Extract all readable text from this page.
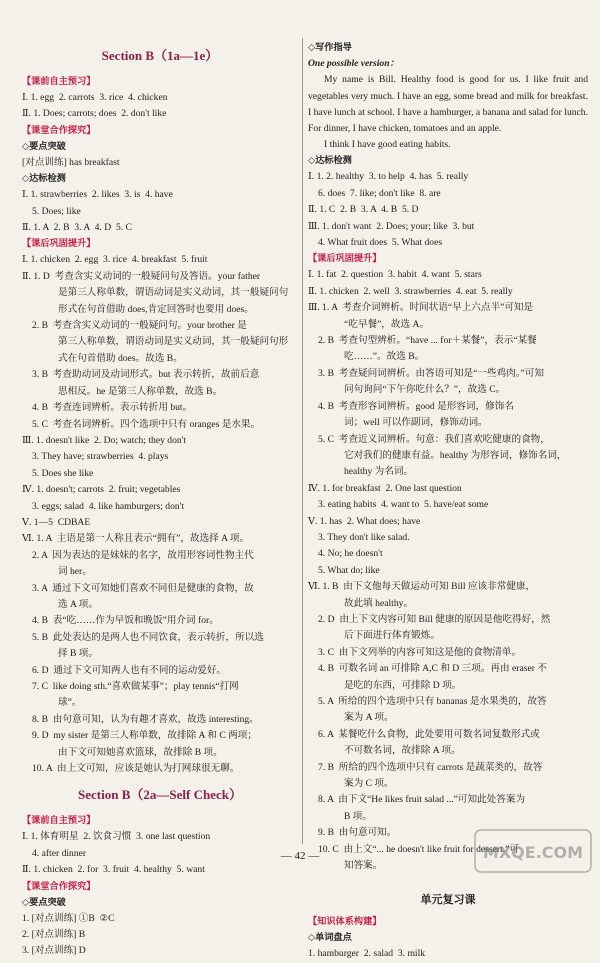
Section B（1a—1e）
【课前自主预习】
Ⅰ. 1. egg  2. carrots  3. rice  4. chicken
Ⅱ. 1. Does; carrots; does  2. don't like
【课堂合作探究】
◇要点突破
[对点训练] has breakfast
◇达标检测
Ⅰ. 1. strawberries  2. likes  3. is  4. have
5. Does; like
Ⅱ. 1. A  2. B  3. A  4. D  5. C
【课后巩固提升】
Ⅰ. 1. chicken  2. egg  3. rice  4. breakfast  5. fruit
Ⅱ. 1. D  考查含实义动词的一般疑问句及答语。your father
是第三人称单数，谓语动词是实义动词，其一般疑问句
形式在句首借助 does,肯定回答时也要用 does。
2. B  考查含实义动词的一般疑问句。your brother 是
第三人称单数，谓语动词是实义动词，其一般疑问句形
式在句首借助 does。故选 B。
3. B  考查助动词及动词形式。but 表示转折，故前后意
思相反。he 是第三人称单数，故选 B。
4. B  考查连词辨析。表示转折用 but。
5. C  考查名词辨析。四个选项中只有 oranges 是水果。
Ⅲ. 1. doesn't like  2. Do; watch; they don't
3. They have; strawberries  4. plays
5. Does she like
Ⅳ. 1. doesn't; carrots  2. fruit; vegetables
3. eggs; salad  4. like hamburgers; don't
Ⅴ. 1—5  CDBAE
Ⅵ. 1. A  主语是第一人称且表示“拥有”，故选择 A 项。
2. A  因为表达的是妹妹的名字，故用形容词性物主代
词 her。
3. A  通过下文可知她们喜欢不同但是健康的食物，故
选 A 项。
4. B  表“吃……作为早饭和晚饭”用介词 for。
5. B  此处表达的是两人也不同饮食，表示转折，所以选
择 B 项。
6. D  通过下文可知两人也有不同的运动爱好。
7. C  like doing sth.“喜欢做某事”；play tennis“打网
球”。
8. B  由句意可知，认为有趣才喜欢，故选 interesting。
9. D  my sister 是第三人称单数，故排除 A 和 C 两项；
由下文可知她喜欢篮球，故排除 B 项。
10. A  由上文可知，应该是她认为打网球很无聊。
Section B（2a—Self Check）
【课前自主预习】
Ⅰ. 1. 体育明星  2. 饮食习惯  3. one last question
4. after dinner
Ⅱ. 1. chicken  2. for  3. fruit  4. healthy  5. want
【课堂合作探究】
◇要点突破
1. [对点训练] ①B  ②C
2. [对点训练] B
3. [对点训练] D
◇写作指导
One possible version：
My name is Bill. Healthy food is good for us. I like fruit and vegetables very much. I have an egg, some bread and milk for breakfast. I have lunch at school. I have a hamburger, a banana and salad for lunch. For dinner, I have chicken, tomatoes and an apple.
I think I have good eating habits.
◇达标检测
Ⅰ. 1. 2. healthy  3. to help  4. has  5. really
6. does  7. like; don't like  8. are
Ⅱ. 1. C  2. B  3. A  4. B  5. D
Ⅲ. 1. don't want  2. Does; your; like  3. but
4. What fruit does  5. What does
【课后巩固提升】
Ⅰ. 1. fat  2. question  3. habit  4. want  5. stars
Ⅱ. 1. chicken  2. well  3. strawberries  4. eat  5. really
Ⅲ. 1. A  考查介词辨析。时间状语“早上六点半”可知是
“吃早餐”，故选 A。
2. B  考查句型辨析。“have ... for＋某餐”，表示“某餐
吃……”。故选 B。
3. B  考查疑问词辨析。由答语可知是“一些鸡肉。”可知
问句询问“下午你吃什么？”，故选 C。
4. B  考查形容词辨析。good 是形容词，修饰名
词；well 可以作副词，修饰动词。
5. C  考查近义词辨析。句意：我们喜欢吃健康的食物，
它对我们的健康有益。healthy 为形容词，修饰名词，
healthy 为名词。
Ⅳ. 1. for breakfast  2. One last question
3. eating habits  4. want to  5. have/eat some
Ⅴ. 1. has  2. What does; have
3. They don't like salad.
4. No; he doesn't
5. What do; like
Ⅵ. 1. B  由下文他每天做运动可知 Bill 应该非常健康，
故此填 healthy。
2. D  由上下文内容可知 Bill 健康的原因是他吃得好，然
后下面进行体育锻炼。
3. C  由下文列举的内容可知这是他的食物清单。
4. B  可数名词 an 可排除 A,C 和 D 三项。再由 eraser 不
是吃的东西，可排除 D 项。
5. A  所给的四个选项中只有 bananas 是水果类的，故答
案为 A 项。
6. A  某餐吃什么食物，此处要用可数名词复数形式或
不可数名词，故排除 A 项。
7. B  所给的四个选项中只有 carrots 是蔬菜类的，故答
案为 C 项。
8. A  由下文“He likes fruit salad ...”可知此处答案为
B 项。
9. B  由句意可知。
10. C  由上文“... he doesn't like fruit for dessert.”可
知答案。
单元复习课
【知识体系构建】
◇单词盘点
1. hamburger  2. salad  3. milk
— 42 —	MXQE.COM
